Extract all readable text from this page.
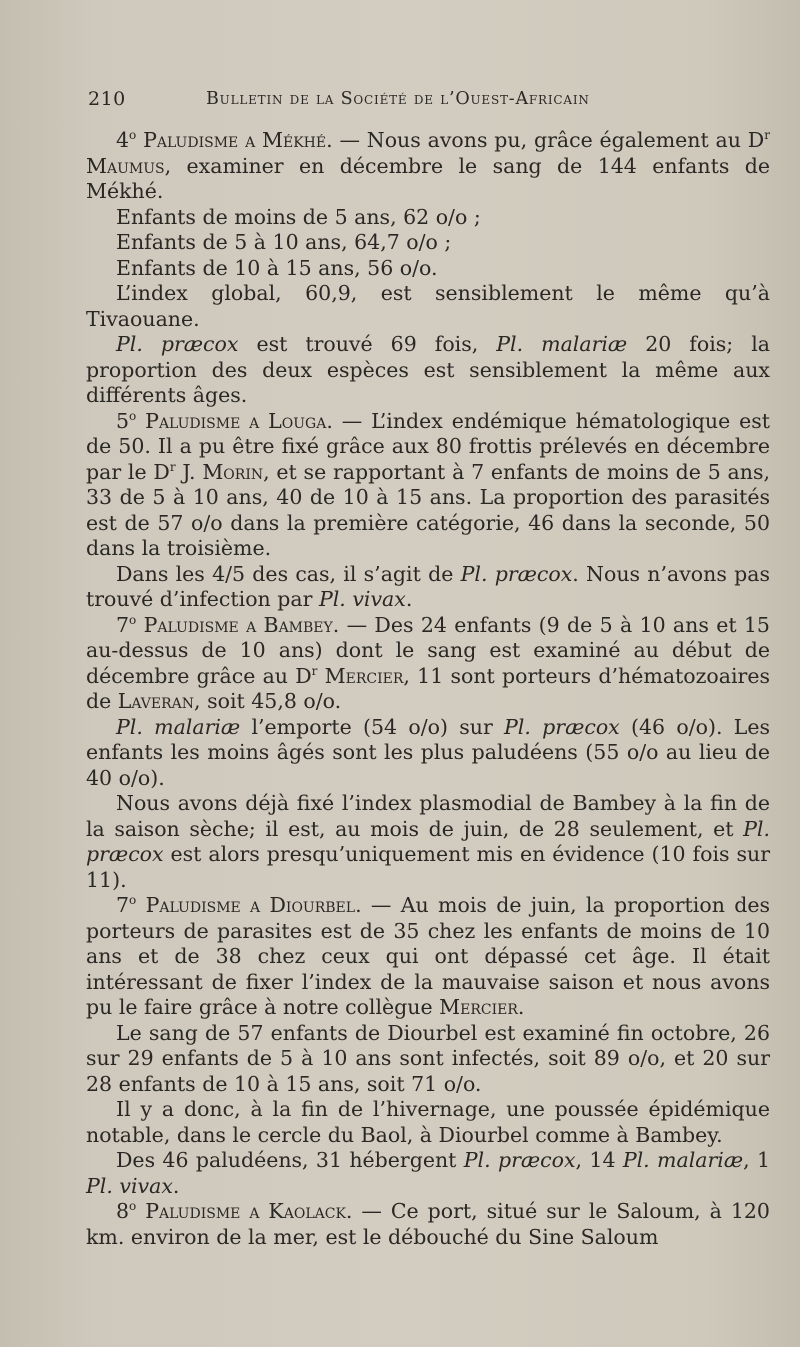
210	Bulletin de la Société de l’Ouest-Africain

4$^o$ Paludisme a Mékhé. — Nous avons pu, grâce également au $D^r$ Maumus, examiner en décembre le sang de 144 enfants de Mékhé.

Enfants de moins de 5 ans, 62 o/o ;

Enfants de 5 à 10 ans, 64,7 o/o ;

Enfants de 10 à 15 ans, 56 o/o.

L’index global, 60,9, est sensiblement le même qu’à Tivaouane.

Pl. præcox est trouvé 69 fois, Pl. malariæ 20 fois; la proportion des deux espèces est sensiblement la même aux différents âges.

5$^o$ Paludisme a Louga. — L’index endémique hématologique est de 50. Il a pu être fixé grâce aux 80 frottis prélevés en décembre par le $D^r$ J. Morin, et se rapportant à 7 enfants de moins de 5 ans, 33 de 5 à 10 ans, 40 de 10 à 15 ans. La proportion des parasités est de 57 o/o dans la première catégorie, 46 dans la seconde, 50 dans la troisième.

Dans les 4/5 des cas, il s’agit de Pl. præcox. Nous n’avons pas trouvé d’infection par Pl. vivax.

7$^o$ Paludisme a Bambey. — Des 24 enfants (9 de 5 à 10 ans et 15 au-dessus de 10 ans) dont le sang est examiné au début de décembre grâce au $D^r$ Mercier, 11 sont porteurs d’hématozoaires de Laveran, soit 45,8 o/o.

Pl. malariæ l’emporte (54 o/o) sur Pl. præcox (46 o/o). Les enfants les moins âgés sont les plus paludéens (55 o/o au lieu de 40 o/o).

Nous avons déjà fixé l’index plasmodial de Bambey à la fin de la saison sèche; il est, au mois de juin, de 28 seulement, et Pl. præcox est alors presqu’uniquement mis en évidence (10 fois sur 11).

7$^o$ Paludisme a Diourbel. — Au mois de juin, la proportion des porteurs de parasites est de 35 chez les enfants de moins de 10 ans et de 38 chez ceux qui ont dépassé cet âge. Il était intéressant de fixer l’index de la mauvaise saison et nous avons pu le faire grâce à notre collègue Mercier.

Le sang de 57 enfants de Diourbel est examiné fin octobre, 26 sur 29 enfants de 5 à 10 ans sont infectés, soit 89 o/o, et 20 sur 28 enfants de 10 à 15 ans, soit 71 o/o.

Il y a donc, à la fin de l’hivernage, une poussée épidémique notable, dans le cercle du Baol, à Diourbel comme à Bambey.

Des 46 paludéens, 31 hébergent Pl. præcox, 14 Pl. malariæ, 1 Pl. vivax.

8$^o$ Paludisme a Kaolack. — Ce port, situé sur le Saloum, à 120 km. environ de la mer, est le débouché du Sine Saloum
